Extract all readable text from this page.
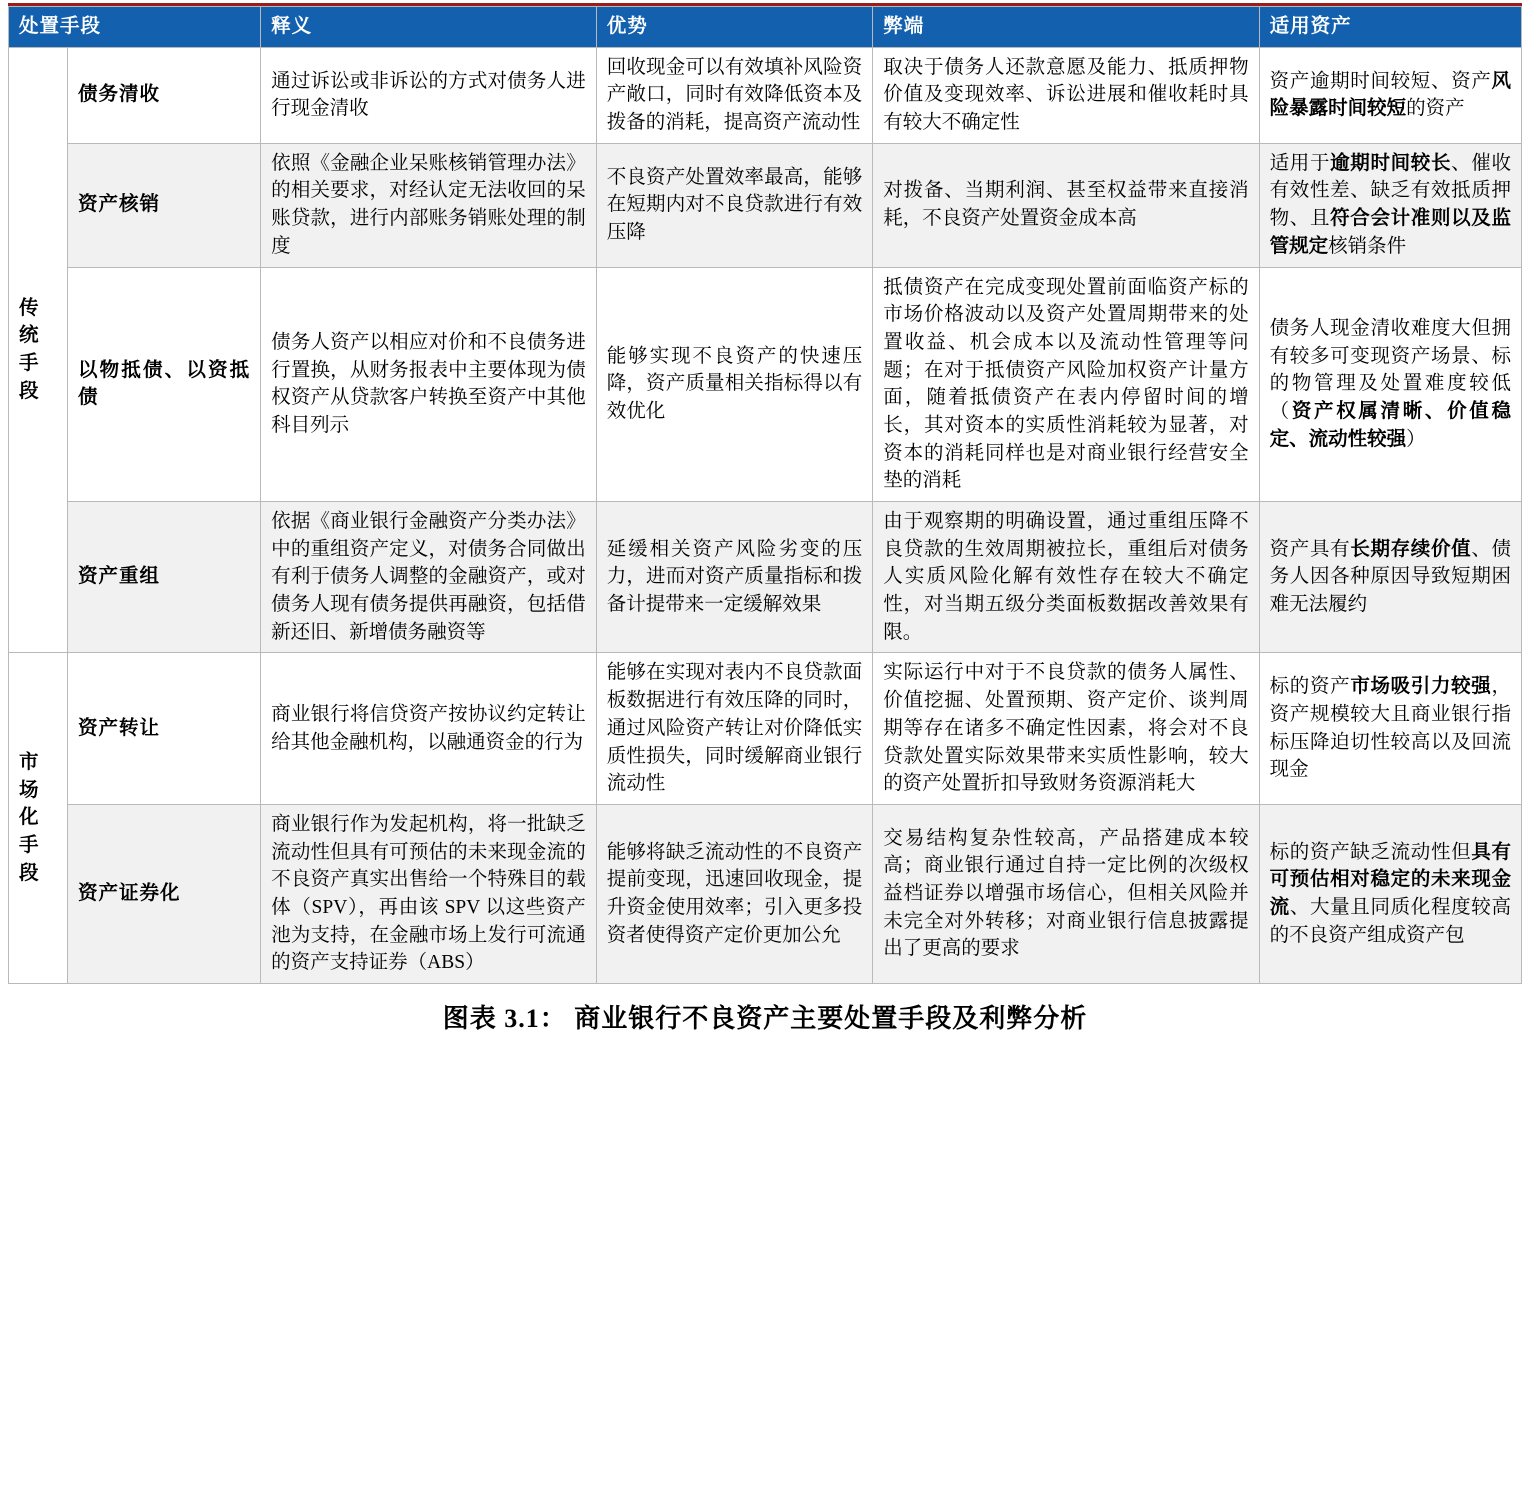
处置手段		释义	优势	弊端	适用资产

传
统
手
段	债务清收	通过诉讼或非诉讼的方式对债务人进行现金清收	回收现金可以有效填补风险资产敞口，同时有效降低资本及拨备的消耗，提高资产流动性	取决于债务人还款意愿及能力、抵质押物价值及变现效率、诉讼进展和催收耗时具有较大不确定性	资产逾期时间较短、资产风险暴露时间较短的资产
	资产核销	依照《金融企业呆账核销管理办法》的相关要求，对经认定无法收回的呆账贷款，进行内部账务销账处理的制度	不良资产处置效率最高，能够在短期内对不良贷款进行有效压降	对拨备、当期利润、甚至权益带来直接消耗，不良资产处置资金成本高	适用于逾期时间较长、催收有效性差、缺乏有效抵质押物、且符合会计准则以及监管规定核销条件
	以物抵债、以资抵债	债务人资产以相应对价和不良债务进行置换，从财务报表中主要体现为债权资产从贷款客户转换至资产中其他科目列示	能够实现不良资产的快速压降，资产质量相关指标得以有效优化	抵债资产在完成变现处置前面临资产标的市场价格波动以及资产处置周期带来的处置收益、机会成本以及流动性管理等问题；在对于抵债资产风险加权资产计量方面，随着抵债资产在表内停留时间的增长，其对资本的实质性消耗较为显著，对资本的消耗同样也是对商业银行经营安全垫的消耗	债务人现金清收难度大但拥有较多可变现资产场景、标的物管理及处置难度较低（资产权属清晰、价值稳定、流动性较强）
	资产重组	依据《商业银行金融资产分类办法》中的重组资产定义，对债务合同做出有利于债务人调整的金融资产，或对债务人现有债务提供再融资，包括借新还旧、新增债务融资等	延缓相关资产风险劣变的压力，进而对资产质量指标和拨备计提带来一定缓解效果	由于观察期的明确设置，通过重组压降不良贷款的生效周期被拉长，重组后对债务人实质风险化解有效性存在较大不确定性，对当期五级分类面板数据改善效果有限。	资产具有长期存续价值、债务人因各种原因导致短期困难无法履约

市
场
化
手
段	资产转让	商业银行将信贷资产按协议约定转让给其他金融机构，以融通资金的行为	能够在实现对表内不良贷款面板数据进行有效压降的同时，通过风险资产转让对价降低实质性损失，同时缓解商业银行流动性	实际运行中对于不良贷款的债务人属性、价值挖掘、处置预期、资产定价、谈判周期等存在诸多不确定性因素，将会对不良贷款处置实际效果带来实质性影响，较大的资产处置折扣导致财务资源消耗大	标的资产市场吸引力较强，资产规模较大且商业银行指标压降迫切性较高以及回流现金
	资产证券化	商业银行作为发起机构，将一批缺乏流动性但具有可预估的未来现金流的不良资产真实出售给一个特殊目的载体（SPV），再由该 SPV 以这些资产池为支持，在金融市场上发行可流通的资产支持证券（ABS）	能够将缺乏流动性的不良资产提前变现，迅速回收现金，提升资金使用效率；引入更多投资者使得资产定价更加公允	交易结构复杂性较高，产品搭建成本较高；商业银行通过自持一定比例的次级权益档证券以增强市场信心，但相关风险并未完全对外转移；对商业银行信息披露提出了更高的要求	标的资产缺乏流动性但具有可预估相对稳定的未来现金流、大量且同质化程度较高的不良资产组成资产包
图表 3.1： 商业银行不良资产主要处置手段及利弊分析
